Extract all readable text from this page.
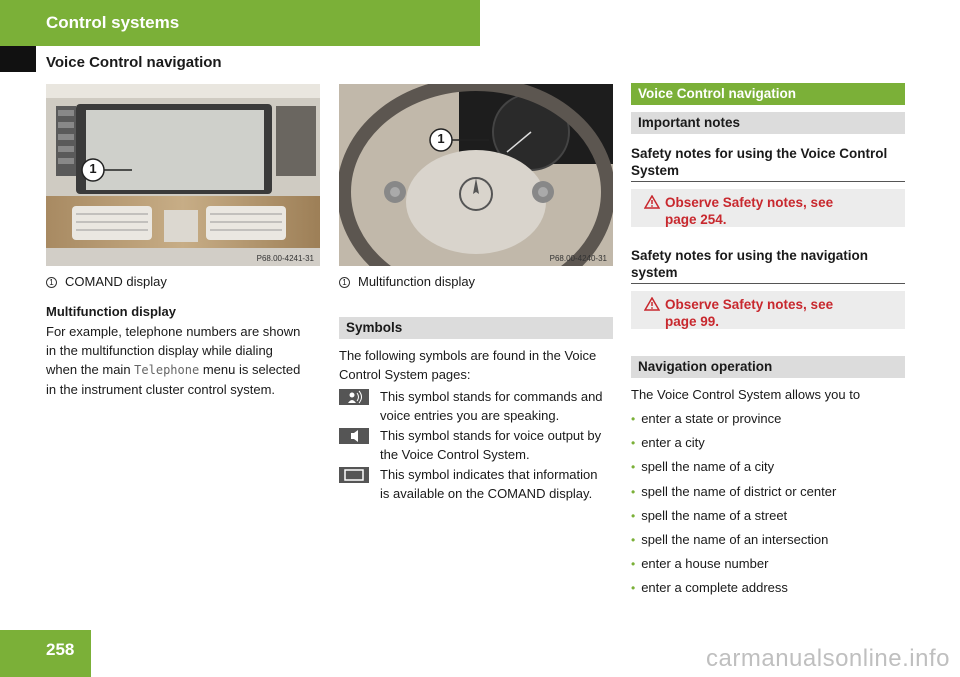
Control systems
Voice Control navigation
1
P68.00-4241-31
1
P68.00-4240-31
1 COMAND display	1 Multifunction display
Multifunction display
For example, telephone numbers are shown
in the multifunction display while dialing
when the main Telephone menu is selected
in the instrument cluster control system.
Symbols
The following symbols are found in the Voice
Control System pages:
This symbol stands for commands and
voice entries you are speaking.
This symbol stands for voice output by
the Voice Control System.
This symbol indicates that information
is available on the COMAND display.
Voice Control navigation
Important notes
Safety notes for using the Voice Control
System
Observe Safety notes, see
page 254.
Safety notes for using the navigation
system
Observe Safety notes, see
page 99.
Navigation operation
The Voice Control System allows you to
• enter a state or province
• enter a city
• spell the name of a city
• spell the name of district or center
• spell the name of a street
• spell the name of an intersection
• enter a house number
• enter a complete address
258	carmanualsonline.info
